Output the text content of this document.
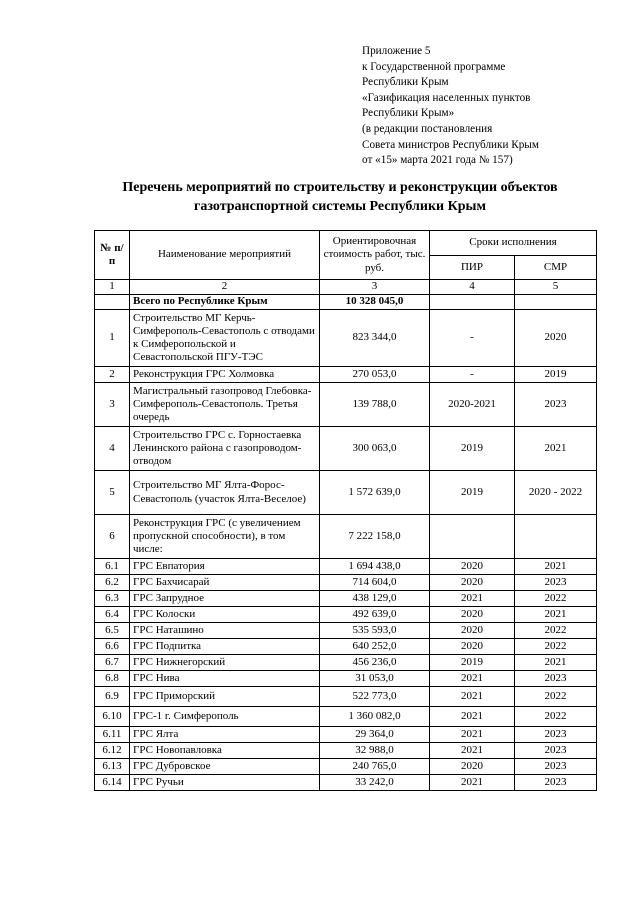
Приложение 5
к Государственной программе
Республики Крым
«Газификация населенных пунктов
Республики Крым»
(в редакции постановления
Совета министров Республики Крым
от «15» марта 2021 года № 157)
Перечень мероприятий по строительству и реконструкции объектов
газотранспортной системы Республики Крым
№ п/п	Наименование мероприятий	Ориентировочная стоимость работ, тыс. руб.	Сроки исполнения	
			ПИР	СМР
1	2	3	4	5
	Всего по Республике Крым	10 328 045,0		
1	Строительство МГ Керчь-Симферополь-Севастополь с отводами к Симферопольской и Севастопольской ПГУ-ТЭС	823 344,0	-	2020
2	Реконструкция ГРС Холмовка	270 053,0	-	2019
3	Магистральный газопровод Глебовка-Симферополь-Севастополь. Третья очередь	139 788,0	2020-2021	2023
4	Строительство ГРС с. Горностаевка Ленинского района с газопроводом-отводом	300 063,0	2019	2021
5	Строительство МГ Ялта-Форос-Севастополь (участок Ялта-Веселое)	1 572 639,0	2019	2020 - 2022
6	Реконструкция ГРС (с увеличением пропускной способности), в том числе:	7 222 158,0		
6.1	ГРС Евпатория	1 694 438,0	2020	2021
6.2	ГРС Бахчисарай	714 604,0	2020	2023
6.3	ГРС Запрудное	438 129,0	2021	2022
6.4	ГРС Колоски	492 639,0	2020	2021
6.5	ГРС Наташино	535 593,0	2020	2022
6.6	ГРС Подпитка	640 252,0	2020	2022
6.7	ГРС Нижнегорский	456 236,0	2019	2021
6.8	ГРС Нива	31 053,0	2021	2023
6.9	ГРС Приморский	522 773,0	2021	2022
6.10	ГРС-1 г. Симферополь	1 360 082,0	2021	2022
6.11	ГРС Ялта	29 364,0	2021	2023
6.12	ГРС Новопавловка	32 988,0	2021	2023
6.13	ГРС Дубровское	240 765,0	2020	2023
6.14	ГРС Ручьи	33 242,0	2021	2023
